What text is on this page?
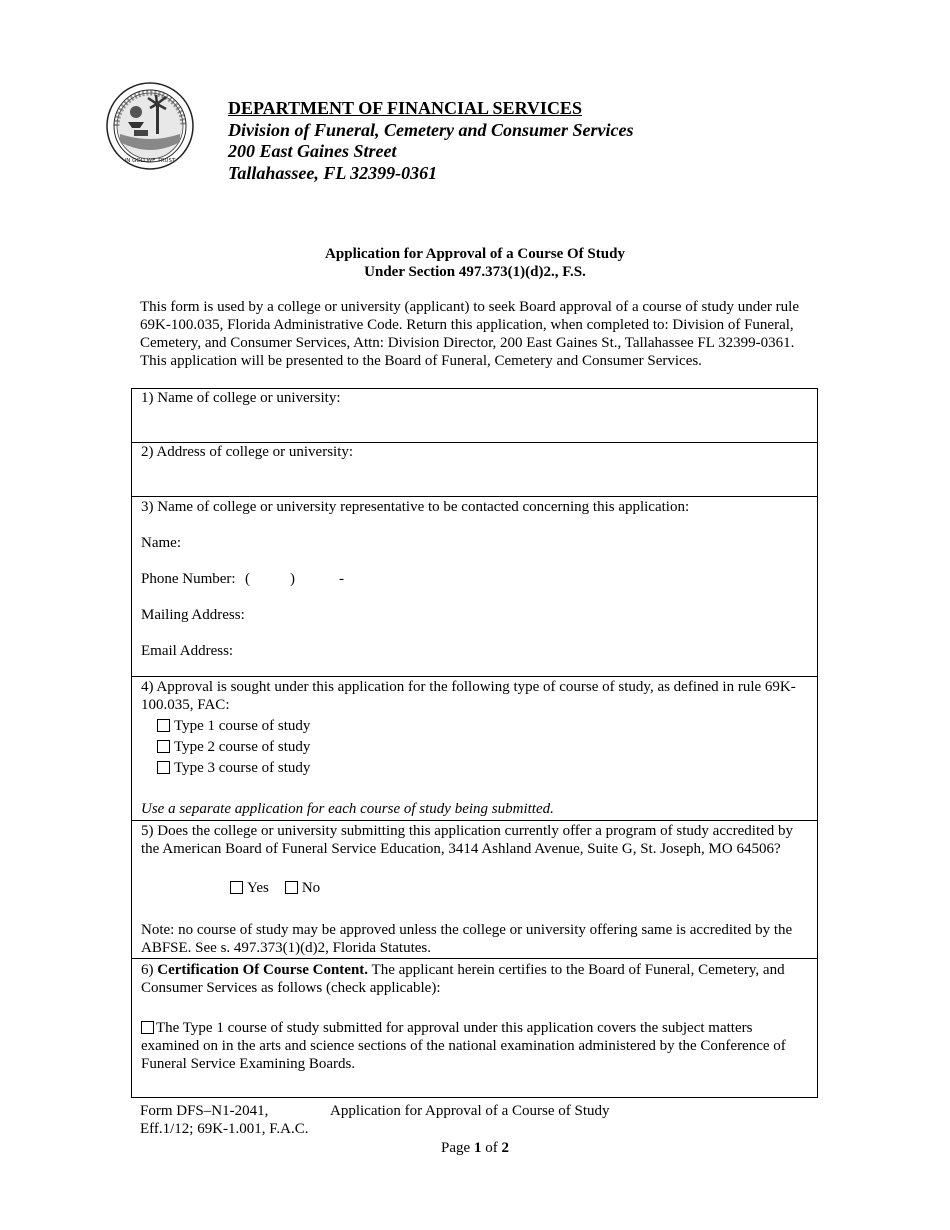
IN GOD WE TRUST
DEPARTMENT OF FINANCIAL SERVICES
Division of Funeral, Cemetery and Consumer Services
200 East Gaines Street
Tallahassee, FL 32399-0361
Application for Approval of a Course Of Study
Under Section 497.373(1)(d)2., F.S.
This form is used by a college or university (applicant) to seek Board approval of a course of study under rule 69K-100.035, Florida Administrative Code. Return this application, when completed to: Division of Funeral, Cemetery, and Consumer Services, Attn: Division Director, 200 East Gaines St., Tallahassee FL 32399-0361. This application will be presented to the Board of Funeral, Cemetery and Consumer Services.
1) Name of college or university:
2) Address of college or university:
3) Name of college or university representative to be contacted concerning this application:
Name:
Phone Number: (	)	-
Mailing Address:
Email Address:
4) Approval is sought under this application for the following type of course of study, as defined in rule 69K-100.035, FAC:
Type 1 course of study
Type 2 course of study
Type 3 course of study
Use a separate application for each course of study being submitted.
5) Does the college or university submitting this application currently offer a program of study accredited by the American Board of Funeral Service Education, 3414 Ashland Avenue, Suite G, St. Joseph, MO 64506?
Yes No
Note: no course of study may be approved unless the college or university offering same is accredited by the ABFSE. See s. 497.373(1)(d)2, Florida Statutes.
6) Certification Of Course Content. The applicant herein certifies to the Board of Funeral, Cemetery, and Consumer Services as follows (check applicable):
The Type 1 course of study submitted for approval under this application covers the subject matters examined on in the arts and science sections of the national examination administered by the Conference of Funeral Service Examining Boards.
Form DFS–N1-2041,
Eff.1/12; 69K-1.001, F.A.C.
Application for Approval of a Course of Study
Page 1 of 2
